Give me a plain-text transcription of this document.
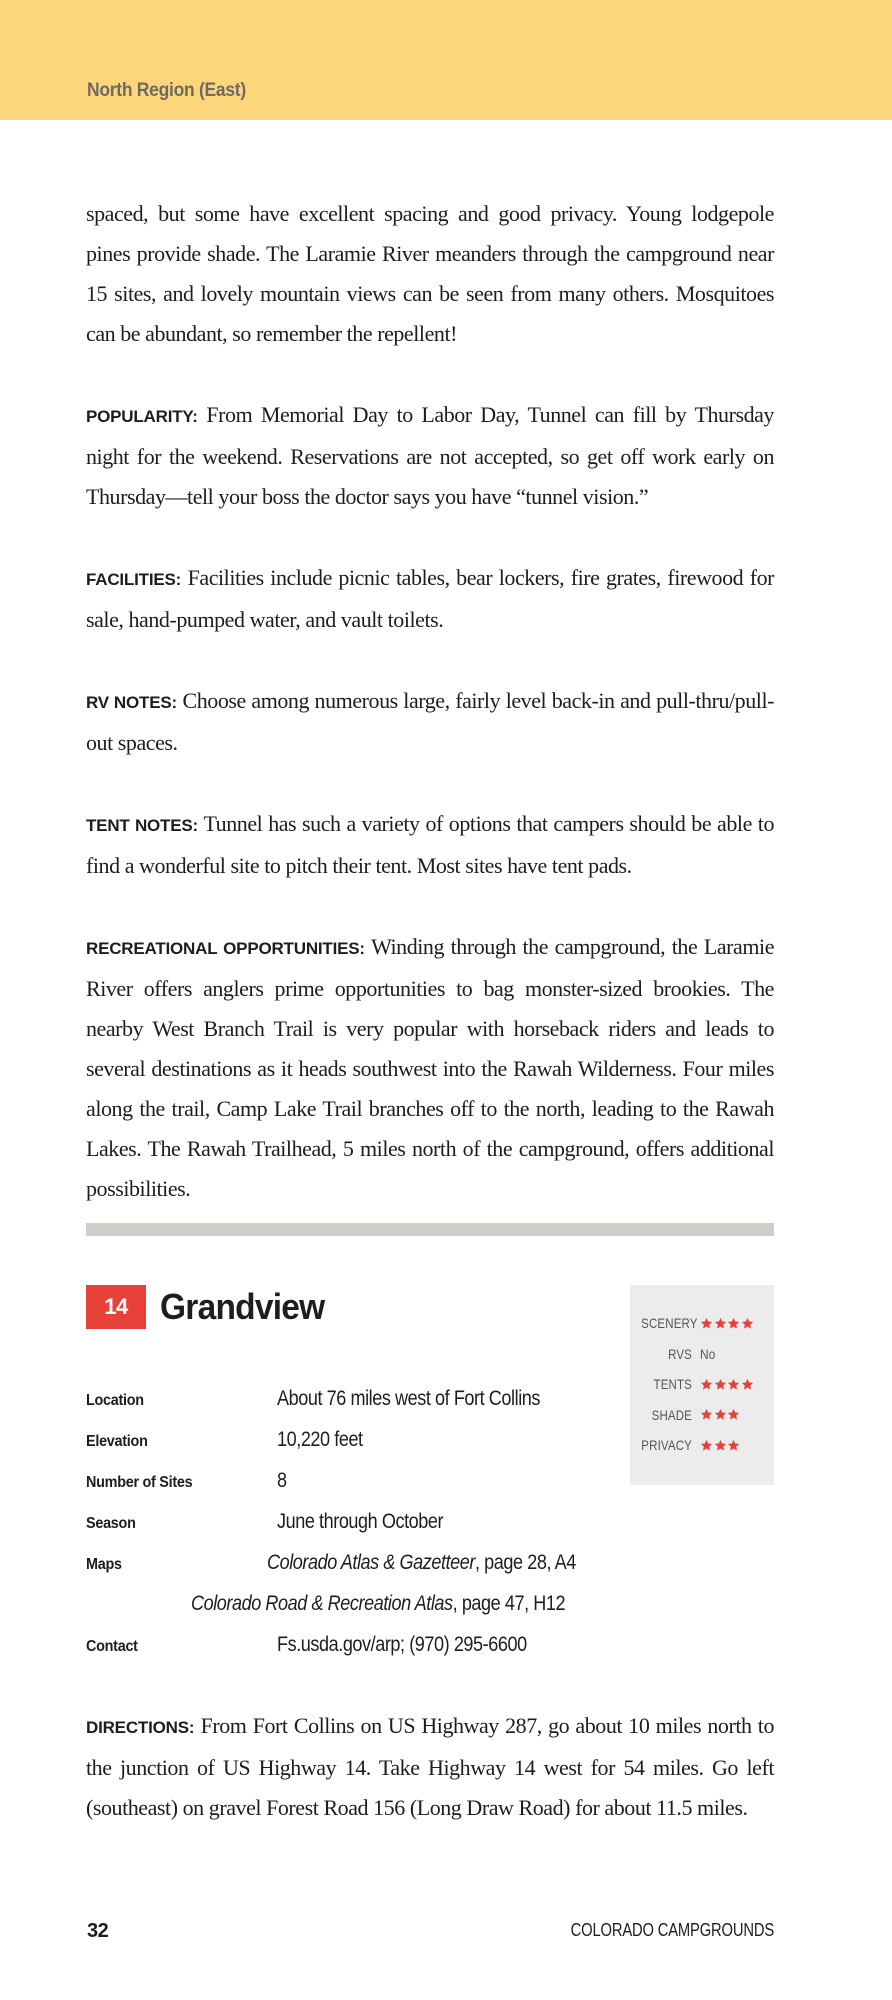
North Region (East)

spaced, but some have excellent spacing and good privacy. Young lodgepole pines provide shade. The Laramie River meanders through the campground near 15 sites, and lovely mountain views can be seen from many others. Mosquitoes can be abundant, so remember the repellent!

POPULARITY: From Memorial Day to Labor Day, Tunnel can fill by Thursday night for the weekend. Reservations are not accepted, so get off work early on Thursday—tell your boss the doctor says you have “tunnel vision.”

FACILITIES: Facilities include picnic tables, bear lockers, fire grates, firewood for sale, hand-pumped water, and vault toilets.

RV NOTES: Choose among numerous large, fairly level back-in and pull-thru/pull-out spaces.

TENT NOTES: Tunnel has such a variety of options that campers should be able to find a wonderful site to pitch their tent. Most sites have tent pads.

RECREATIONAL OPPORTUNITIES: Winding through the campground, the Laramie River offers anglers prime opportunities to bag monster-sized brookies. The nearby West Branch Trail is very popular with horseback riders and leads to several destinations as it heads southwest into the Rawah Wilderness. Four miles along the trail, Camp Lake Trail branches off to the north, leading to the Rawah Lakes. The Rawah Trailhead, 5 miles north of the campground, offers additional possibilities.

14 Grandview	SCENERY
RVS No
TENTS
SHADE
PRIVACY
Location	About 76 miles west of Fort Collins
Elevation	10,220 feet
Number of Sites	8
Season	June through October
Maps	Colorado Atlas & Gazetteer, page 28, A4
Colorado Road & Recreation Atlas, page 47, H12
Contact	Fs.usda.gov/arp; (970) 295-6600
DIRECTIONS: From Fort Collins on US Highway 287, go about 10 miles north to the junction of US Highway 14. Take Highway 14 west for 54 miles. Go left (southeast) on gravel Forest Road 156 (Long Draw Road) for about 11.5 miles.
32	COLORADO CAMPGROUNDS
